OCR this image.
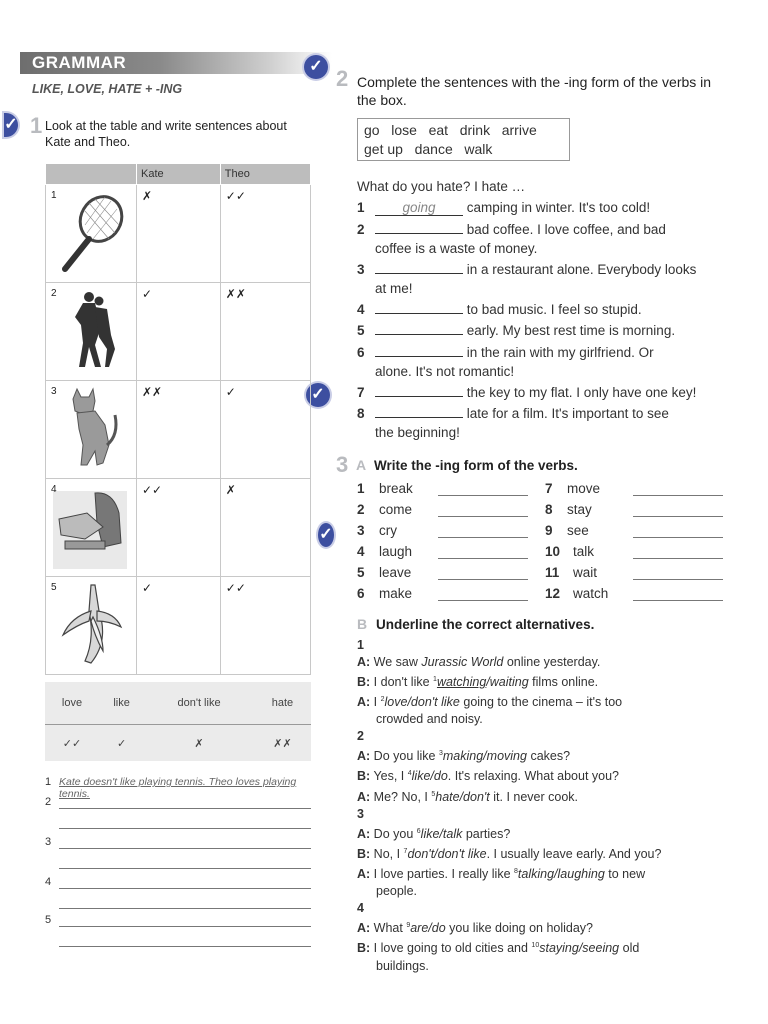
GRAMMAR
LIKE, LOVE, HATE + -ING
✓
✓
✓
✓
1 Look at the table and write sentences about Kate and Theo.
	Kate	Theo

1	✗	✓✓

2	✓	✗✗

3	✗✗	✓

4	✓✓	✗

5	✓	✓✓
love	like	don't like	hate
✓✓	✓	✗	✗✗
1 Kate doesn't like playing tennis. Theo loves playing tennis.
2
3
4
5
2 Complete the sentences with the -ing form of the verbs in the box.
go   lose   eat   drink   arrive
get up   dance   walk
What do you hate? I hate …
1	going camping in winter. It's too cold!
2	bad coffee. I love coffee, and bad
coffee is a waste of money.
3	in a restaurant alone. Everybody looks
at me!
4	to bad music. I feel so stupid.
5	early. My best rest time is morning.
6	in the rain with my girlfriend. Or
alone. It's not romantic!
7	the key to my flat. I only have one key!
8	late for a film. It's important to see
the beginning!
3 A Write the -ing form of the verbs.
1 break
2 come
3 cry
4 laugh
5 leave
6 make
7 move
8 stay
9 see
10 talk
11 wait
12 watch
B Underline the correct alternatives.
1
A: We saw Jurassic World online yesterday.
B: I don't like $^1$watching/waiting films online.
A: I $^2$love/don't like going to the cinema – it's too
crowded and noisy.
2
A: Do you like $^3$making/moving cakes?
B: Yes, I $^4$like/do. It's relaxing. What about you?
A: Me? No, I $^5$hate/don't it. I never cook.
3
A: Do you $^6$like/talk parties?
B: No, I $^7$don't/don't like. I usually leave early. And you?
A: I love parties. I really like $^8$talking/laughing to new
people.
4
A: What $^9$are/do you like doing on holiday?
B: I love going to old cities and $^{10}$staying/seeing old
buildings.
